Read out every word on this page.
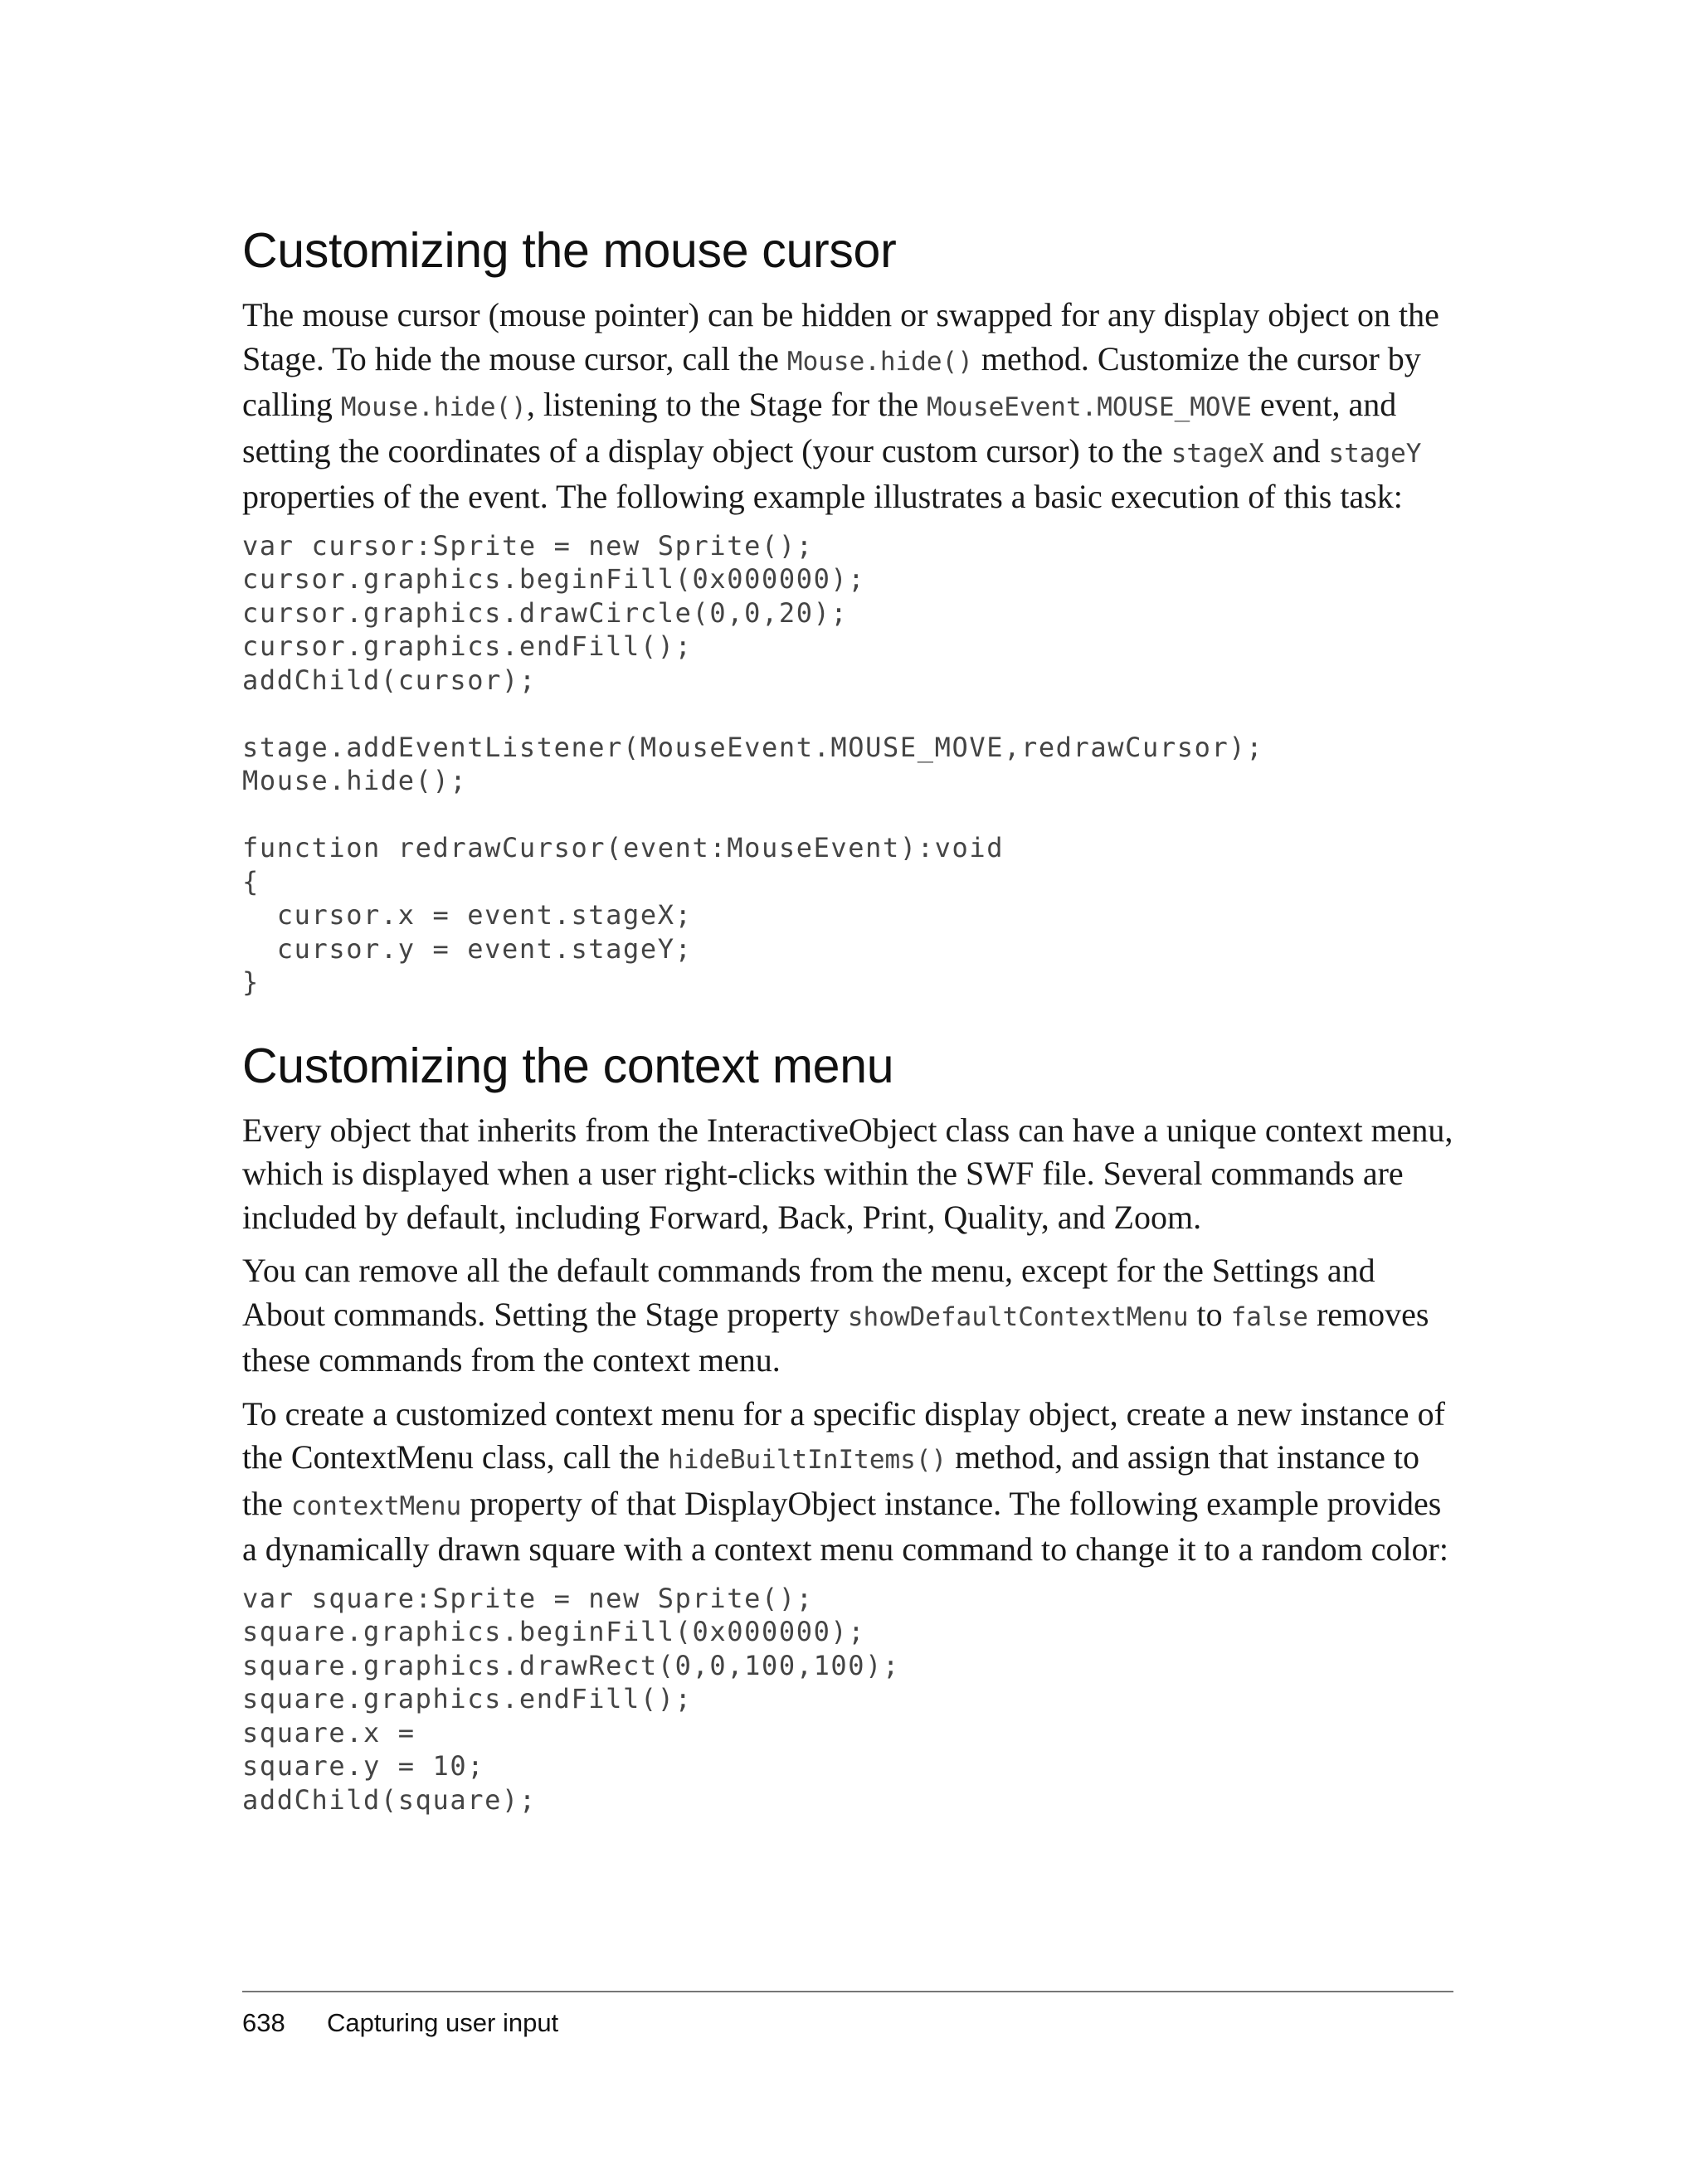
Customizing the mouse cursor

The mouse cursor (mouse pointer) can be hidden or swapped for any display object on the Stage. To hide the mouse cursor, call the Mouse.hide() method. Customize the cursor by calling Mouse.hide(), listening to the Stage for the MouseEvent.MOUSE_MOVE event, and setting the coordinates of a display object (your custom cursor) to the stageX and stageY properties of the event. The following example illustrates a basic execution of this task:

var cursor:Sprite = new Sprite();
cursor.graphics.beginFill(0x000000);
cursor.graphics.drawCircle(0,0,20);
cursor.graphics.endFill();
addChild(cursor);

stage.addEventListener(MouseEvent.MOUSE_MOVE,redrawCursor);
Mouse.hide();

function redrawCursor(event:MouseEvent):void
{
cursor.x = event.stageX;
cursor.y = event.stageY;
}
Customizing the context menu

Every object that inherits from the InteractiveObject class can have a unique context menu, which is displayed when a user right-clicks within the SWF file. Several commands are included by default, including Forward, Back, Print, Quality, and Zoom.

You can remove all the default commands from the menu, except for the Settings and About commands. Setting the Stage property showDefaultContextMenu to false removes these commands from the context menu.

To create a customized context menu for a specific display object, create a new instance of the ContextMenu class, call the hideBuiltInItems() method, and assign that instance to the contextMenu property of that DisplayObject instance. The following example provides a dynamically drawn square with a context menu command to change it to a random color:

var square:Sprite = new Sprite();
square.graphics.beginFill(0x000000);
square.graphics.drawRect(0,0,100,100);
square.graphics.endFill();
square.x =
square.y = 10;
addChild(square);
638 Capturing user input
